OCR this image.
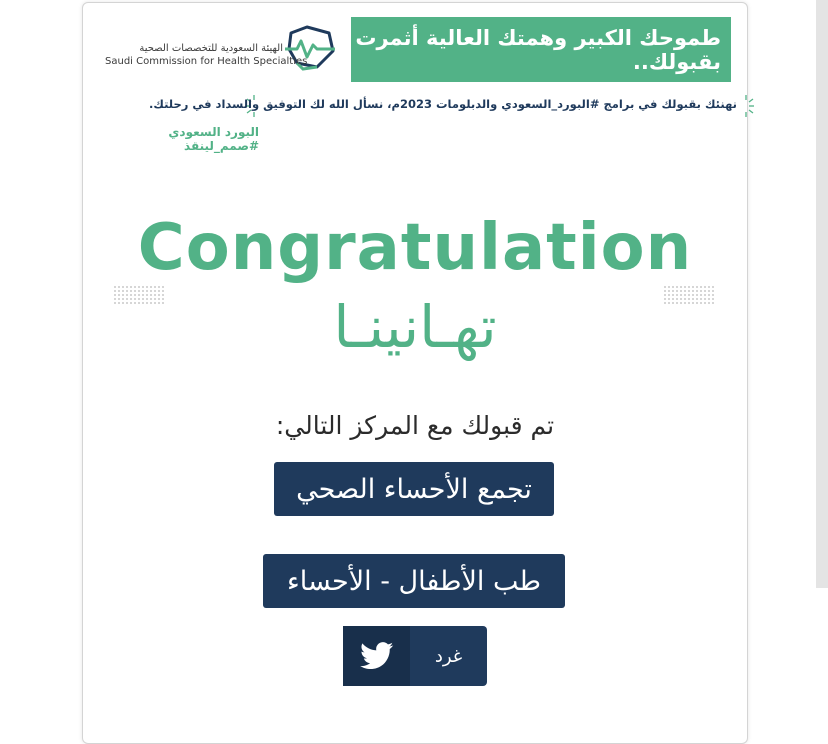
الهيئة السعودية للتخصصات الصحية
Saudi Commission for Health Specialties
طموحك الكبير وهمتك العالية أثمرت بقبولك..
نهنئك بقبولك في برامج #البورد_السعودي والدبلومات 2023م، نسأل الله لك التوفيق والسداد في رحلتك.
البورد السعودي #صمم_لينقذ
Congratulation
تهـانينـا
تم قبولك مع المركز التالي:
تجمع الأحساء الصحي
طب الأطفال - الأحساء
غرد
